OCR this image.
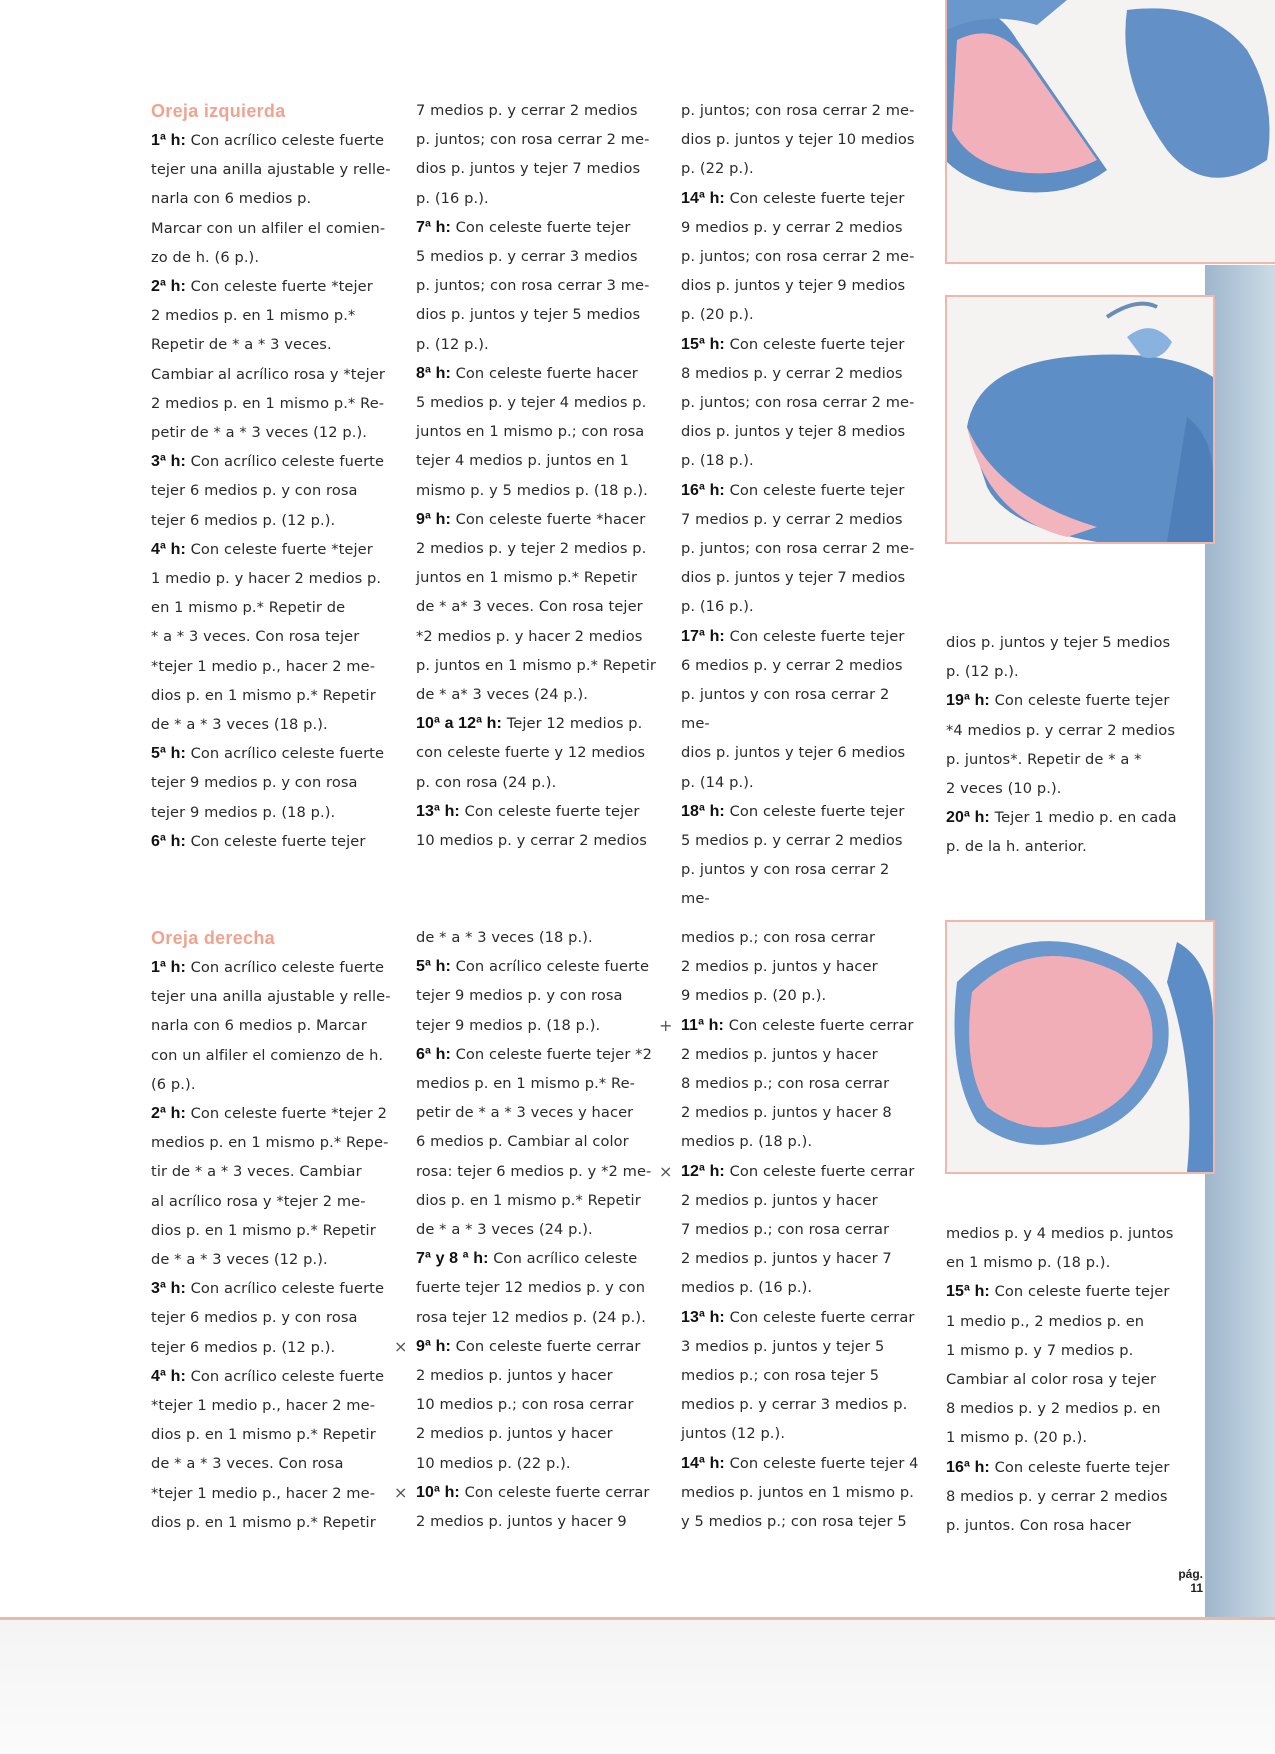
Oreja izquierda

1ª h: Con acrílico celeste fuerte

tejer una anilla ajustable y relle-

narla con 6 medios p.

Marcar con un alfiler el comien-

zo de h. (6 p.).

2ª h: Con celeste fuerte *tejer

2 medios p. en 1 mismo p.*

Repetir de * a * 3 veces.

Cambiar al acrílico rosa y *tejer

2 medios p. en 1 mismo p.* Re-

petir de * a * 3 veces (12 p.).

3ª h: Con acrílico celeste fuerte

tejer 6 medios p. y con rosa

tejer 6 medios p. (12 p.).

4ª h: Con celeste fuerte *tejer

1 medio p. y hacer 2 medios p.

en 1 mismo p.* Repetir de

* a * 3 veces. Con rosa tejer

*tejer 1 medio p., hacer 2 me-

dios p. en 1 mismo p.* Repetir

de * a * 3 veces (18 p.).

5ª h: Con acrílico celeste fuerte

tejer 9 medios p. y con rosa

tejer 9 medios p. (18 p.).

6ª h: Con celeste fuerte tejer

7 medios p. y cerrar 2 medios

p. juntos; con rosa cerrar 2 me-

dios p. juntos y tejer 7 medios

p. (16 p.).

7ª h: Con celeste fuerte tejer

5 medios p. y cerrar 3 medios

p. juntos; con rosa cerrar 3 me-

dios p. juntos y tejer 5 medios

p. (12 p.).

8ª h: Con celeste fuerte hacer

5 medios p. y tejer 4 medios p.

juntos en 1 mismo p.; con rosa

tejer 4 medios p. juntos en 1

mismo p. y 5 medios p. (18 p.).

9ª h: Con celeste fuerte *hacer

2 medios p. y tejer 2 medios p.

juntos en 1 mismo p.* Repetir

de * a* 3 veces. Con rosa tejer

*2 medios p. y hacer 2 medios

p. juntos en 1 mismo p.* Repetir

de * a* 3 veces (24 p.).

10ª a 12ª h: Tejer 12 medios p.

con celeste fuerte y 12 medios

p. con rosa (24 p.).

13ª h: Con celeste fuerte tejer

10 medios p. y cerrar 2 medios

p. juntos; con rosa cerrar 2 me-

dios p. juntos y tejer 10 medios

p. (22 p.).

14ª h: Con celeste fuerte tejer

9 medios p. y cerrar 2 medios

p. juntos; con rosa cerrar 2 me-

dios p. juntos y tejer 9 medios

p. (20 p.).

15ª h: Con celeste fuerte tejer

8 medios p. y cerrar 2 medios

p. juntos; con rosa cerrar 2 me-

dios p. juntos y tejer 8 medios

p. (18 p.).

16ª h: Con celeste fuerte tejer

7 medios p. y cerrar 2 medios

p. juntos; con rosa cerrar 2 me-

dios p. juntos y tejer 7 medios

p. (16 p.).

17ª h: Con celeste fuerte tejer

6 medios p. y cerrar 2 medios

p. juntos y con rosa cerrar 2 me-

dios p. juntos y tejer 6 medios

p. (14 p.).

18ª h: Con celeste fuerte tejer

5 medios p. y cerrar 2 medios

p. juntos y con rosa cerrar 2 me-

dios p. juntos y tejer 5 medios

p. (12 p.).

19ª h: Con celeste fuerte tejer

*4 medios p. y cerrar 2 medios

p. juntos*. Repetir de * a *

2 veces (10 p.).

20ª h: Tejer 1 medio p. en cada

p. de la h. anterior.

Oreja derecha

1ª h: Con acrílico celeste fuerte

tejer una anilla ajustable y relle-

narla con 6 medios p. Marcar

con un alfiler el comienzo de h.

(6 p.).

2ª h: Con celeste fuerte *tejer 2

medios p. en 1 mismo p.* Repe-

tir de * a * 3 veces. Cambiar

al acrílico rosa y *tejer 2 me-

dios p. en 1 mismo p.* Repetir

de * a * 3 veces (12 p.).

3ª h: Con acrílico celeste fuerte

tejer 6 medios p. y con rosa

tejer 6 medios p. (12 p.).

4ª h: Con acrílico celeste fuerte

*tejer 1 medio p., hacer 2 me-

dios p. en 1 mismo p.* Repetir

de * a * 3 veces. Con rosa

*tejer 1 medio p., hacer 2 me-

dios p. en 1 mismo p.* Repetir

de * a * 3 veces (18 p.).

5ª h: Con acrílico celeste fuerte

tejer 9 medios p. y con rosa

tejer 9 medios p. (18 p.).

6ª h: Con celeste fuerte tejer *2

medios p. en 1 mismo p.* Re-

petir de * a * 3 veces y hacer

6 medios p. Cambiar al color

rosa: tejer 6 medios p. y *2 me-

dios p. en 1 mismo p.* Repetir

de * a * 3 veces (24 p.).

7ª y 8 ª h: Con acrílico celeste

fuerte tejer 12 medios p. y con

rosa tejer 12 medios p. (24 p.).

× 9ª h: Con celeste fuerte cerrar

2 medios p. juntos y hacer

10 medios p.; con rosa cerrar

2 medios p. juntos y hacer

10 medios p. (22 p.).

× 10ª h: Con celeste fuerte cerrar

2 medios p. juntos y hacer 9

medios p.; con rosa cerrar

2 medios p. juntos y hacer

9 medios p. (20 p.).

+ 11ª h: Con celeste fuerte cerrar

2 medios p. juntos y hacer

8 medios p.; con rosa cerrar

2 medios p. juntos y hacer 8

medios p. (18 p.).

× 12ª h: Con celeste fuerte cerrar

2 medios p. juntos y hacer

7 medios p.; con rosa cerrar

2 medios p. juntos y hacer 7

medios p. (16 p.).

13ª h: Con celeste fuerte cerrar

3 medios p. juntos y tejer 5

medios p.; con rosa tejer 5

medios p. y cerrar 3 medios p.

juntos (12 p.).

14ª h: Con celeste fuerte tejer 4

medios p. juntos en 1 mismo p.

y 5 medios p.; con rosa tejer 5

medios p. y 4 medios p. juntos

en 1 mismo p. (18 p.).

15ª h: Con celeste fuerte tejer

1 medio p., 2 medios p. en

1 mismo p. y 7 medios p.

Cambiar al color rosa y tejer

8 medios p. y 2 medios p. en

1 mismo p. (20 p.).

16ª h: Con celeste fuerte tejer

8 medios p. y cerrar 2 medios

p. juntos. Con rosa hacer

pág.
11
